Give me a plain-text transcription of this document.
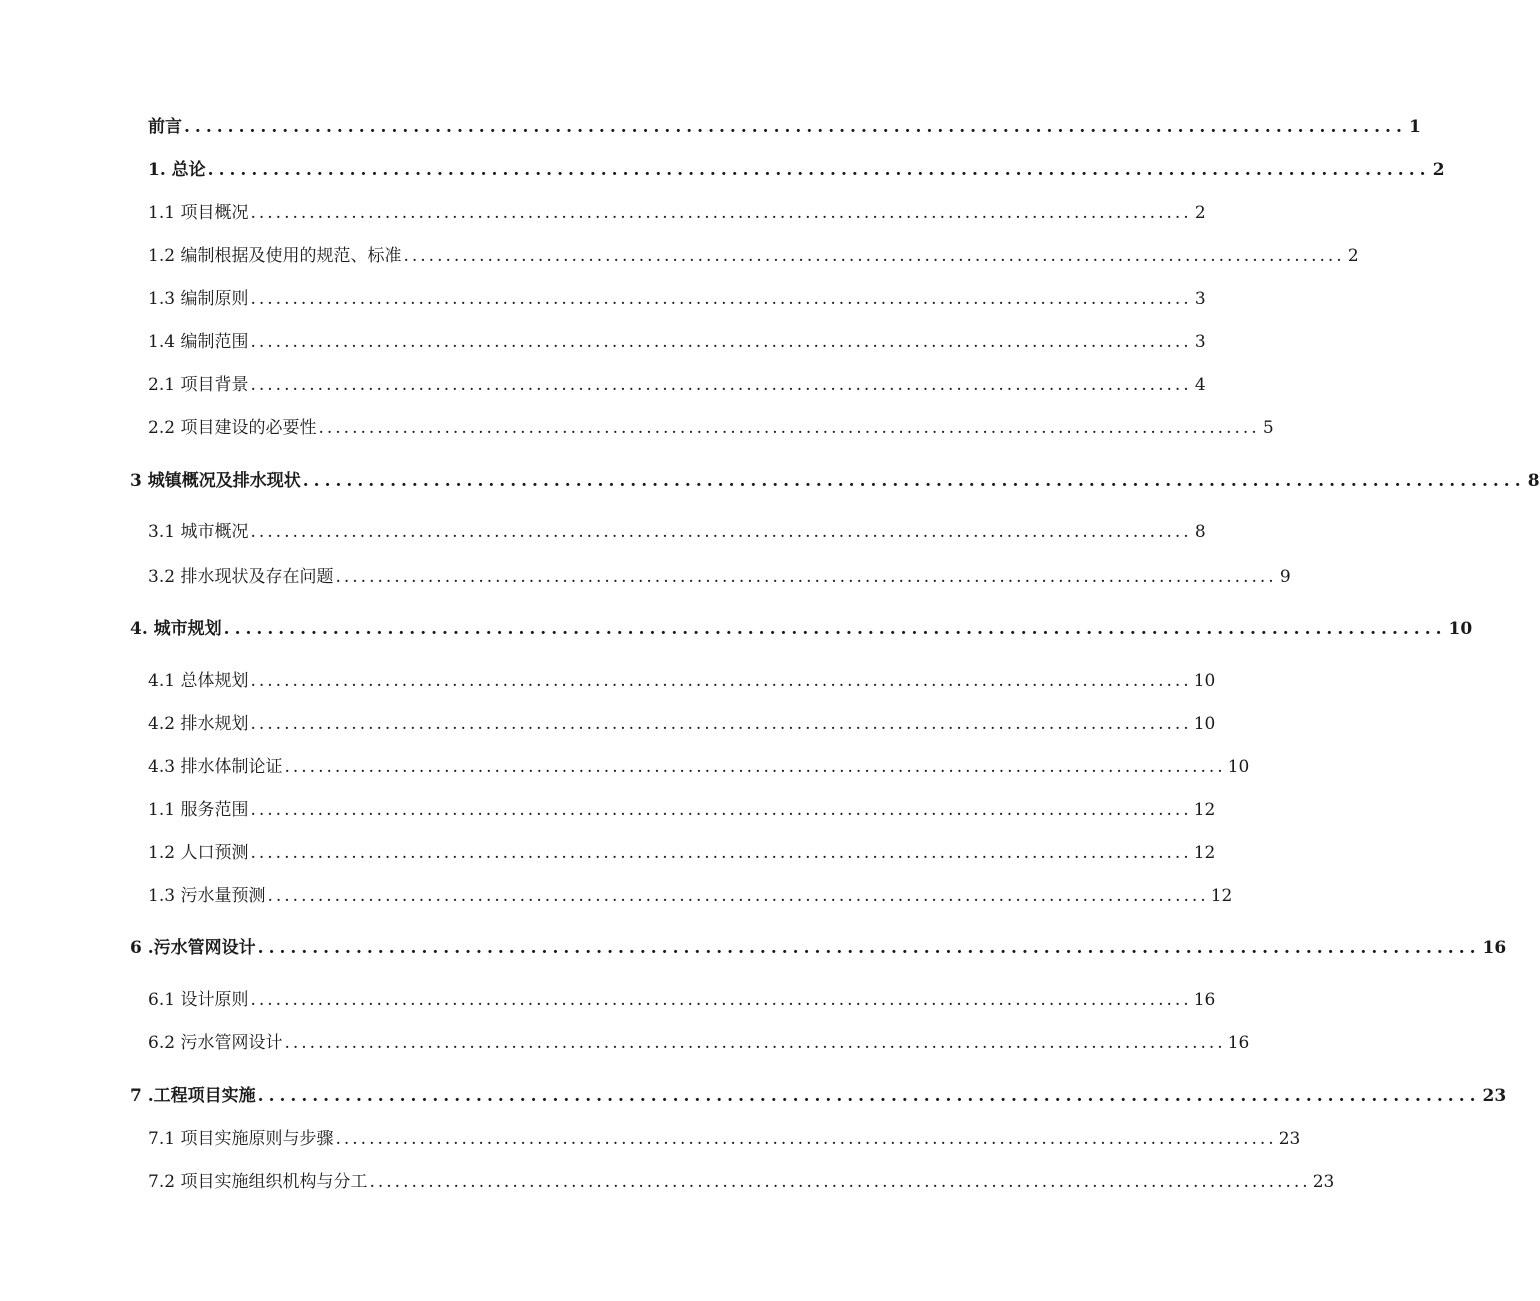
前言 ................................................................................................................ 1
1. 总论 ................................................................................................................ 2
1.1 项目概况 ................................................................................................................ 2
1.2 编制根据及使用的规范、标准 ................................................................................................................ 2
1.3 编制原则 ................................................................................................................ 3
1.4 编制范围 ................................................................................................................ 3
2.1 项目背景 ................................................................................................................ 4
2.2 项目建设的必要性 ................................................................................................................ 5
3 城镇概况及排水现状 ................................................................................................................ 8
3.1 城市概况 ................................................................................................................ 8
3.2 排水现状及存在问题 ................................................................................................................ 9
4. 城市规划 ................................................................................................................ 10
4.1 总体规划 ................................................................................................................ 10
4.2 排水规划 ................................................................................................................ 10
4.3 排水体制论证 ................................................................................................................ 10
1.1 服务范围 ................................................................................................................ 12
1.2 人口预测 ................................................................................................................ 12
1.3 污水量预测 ................................................................................................................ 12
6 .污水管网设计 ................................................................................................................ 16
6.1 设计原则 ................................................................................................................ 16
6.2 污水管网设计 ................................................................................................................ 16
7 .工程项目实施 ................................................................................................................ 23
7.1 项目实施原则与步骤 ................................................................................................................ 23
7.2 项目实施组织机构与分工 ................................................................................................................ 23
